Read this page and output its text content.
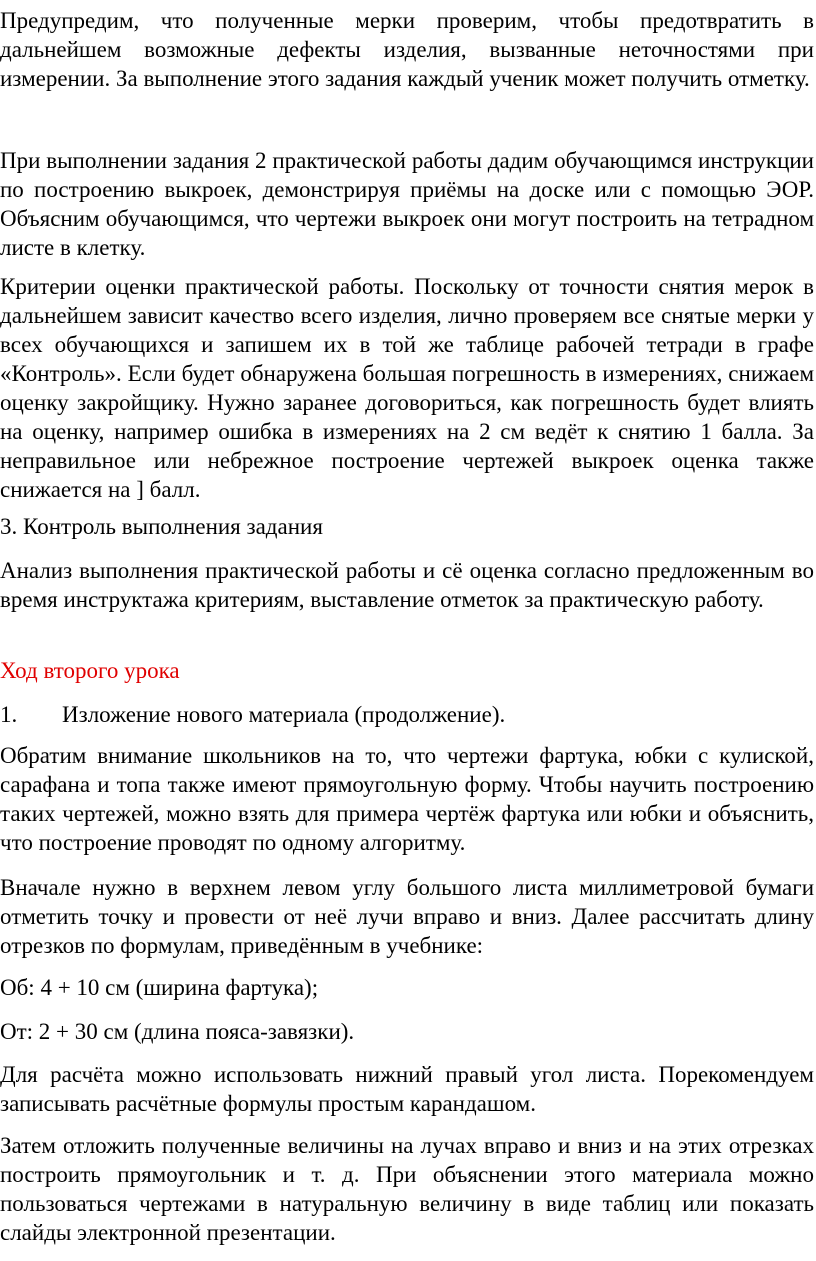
Предупредим, что полученные мерки проверим, чтобы предотвратить в дальнейшем возможные дефекты изделия, вызванные неточностями при измерении. За выполнение этого задания каждый ученик может получить отметку.

При выполнении задания 2 практической работы дадим обучающимся инструкции по построению выкроек, демонстрируя приёмы на доске или с помощью ЭОР. Объясним обучающимся, что чертежи выкроек они могут построить на тетрадном листе в клетку.

Критерии оценки практической работы. Поскольку от точности снятия мерок в дальнейшем зависит качество всего изделия, лично проверяем все снятые мерки у всех обучающихся и запишем их в той же таблице рабочей тетради в графе «Контроль». Если будет обнаружена большая погрешность в измерениях, снижаем оценку закройщику. Нужно заранее договориться, как погрешность будет влиять на оценку, например ошибка в измерениях на 2 см ведёт к снятию 1 балла. За неправильное или небрежное построение чертежей выкроек оценка также снижается на ] балл.

3. Контроль выполнения задания

Анализ выполнения практической работы и сё оценка согласно предложенным во время инструктажа критериям, выставление отметок за практическую работу.

Ход второго урока

1. Изложение нового материала (продолжение).

Обратим внимание школьников на то, что чертежи фартука, юбки с кулиской, сарафана и топа также имеют прямоугольную форму. Чтобы научить построению таких чертежей, можно взять для примера чертёж фартука или юбки и объяснить, что построение проводят по одному алгоритму.

Вначале нужно в верхнем левом углу большого листа миллиметровой бумаги отметить точку и провести от неё лучи вправо и вниз. Далее рассчитать длину отрезков по формулам, приведённым в учебнике:

Об: 4 + 10 см (ширина фартука);

От: 2 + 30 см (длина пояса-завязки).

Для расчёта можно использовать нижний правый угол листа. Порекомендуем записывать расчётные формулы простым карандашом.

Затем отложить полученные величины на лучах вправо и вниз и на этих отрезках построить прямоугольник и т. д. При объяснении этого материала можно пользоваться чертежами в натуральную величину в виде таблиц или показать слайды электронной презентации.
